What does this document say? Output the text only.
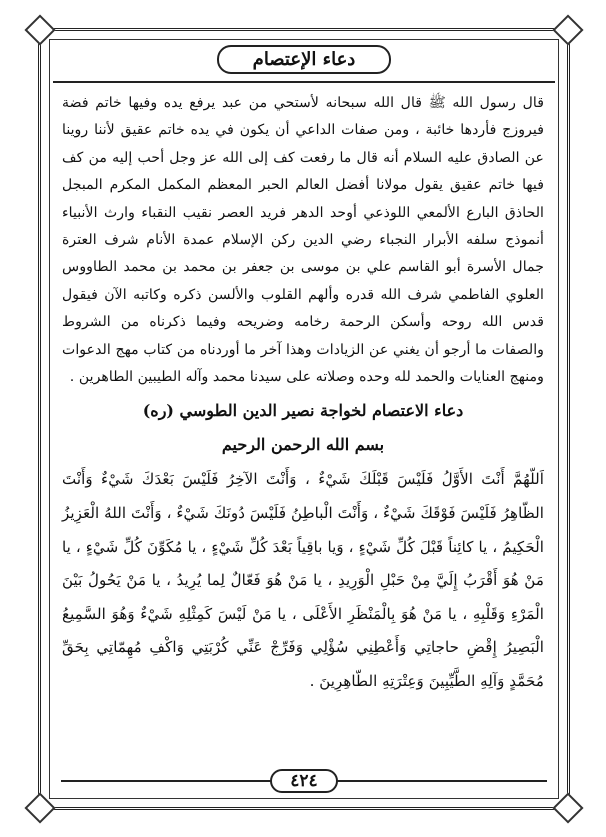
دعاء الإعتصام
٤٢٤

قال رسول الله ﷺ قال الله سبحانه لأستحي من عبد يرفع يده وفيها خاتم فضة فيروزج فأردها خائبة ، ومن صفات الداعي أن يكون في يده خاتم عقيق لأننا روينا عن الصادق عليه السلام أنه قال ما رفعت كف إلى الله عز وجل أحب إليه من كف فيها خاتم عقيق يقول مولانا أفضل العالم الحبر المعظم المكمل المكرم المبجل الحاذق البارع الألمعي اللوذعي أوحد الدهر فريد العصر نقيب النقباء وارث الأنبياء أنموذج سلفه الأبرار النجباء رضي الدين ركن الإسلام عمدة الأنام شرف العترة جمال الأسرة أبو القاسم علي بن موسى بن جعفر بن محمد بن محمد الطاووس العلوي الفاطمي شرف الله قدره وألهم القلوب والألسن ذكره وكاتبه الآن فيقول قدس الله روحه وأسكن الرحمة رخامه وضريحه وفيما ذكرناه من الشروط والصفات ما أرجو أن يغني عن الزيادات وهذا آخر ما أوردناه من كتاب مهج الدعوات ومنهج العنايات والحمد لله وحده وصلاته على سيدنا محمد وآله الطيبين الطاهرين .

دعاء الاعتصام لخواجة نصير الدين الطوسي (ره)
بسم الله الرحمن الرحيم

اَللّهُمَّ أَنْتَ الأَوَّلُ فَلَيْسَ قَبْلَكَ شَيْءٌ ، وَأَنْتَ الآخِرُ فَلَيْسَ بَعْدَكَ شَيْءٌ وَأَنْتَ الظّاهِرُ فَلَيْسَ فَوْقَكَ شَيْءٌ ، وَأَنْتَ الْباطِنُ فَلَيْسَ دُونَكَ شَيْءٌ ، وَأَنْتَ اللهُ الْعَزِيزُ الْحَكِيمُ ، يا كائِناً قَبْلَ كُلِّ شَيْءٍ ، وَيا باقِياً بَعْدَ كُلِّ شَيْءٍ ، يا مُكَوِّنَ كُلِّ شَيْءٍ ، يا مَنْ هُوَ أَقْرَبُ إِلَيَّ مِنْ حَبْلِ الْوَرِيدِ ، يا مَنْ هُوَ فَعّالٌ لِما يُرِيدُ ، يا مَنْ يَحُولُ بَيْنَ الْمَرْءِ وَقَلْبِهِ ، يا مَنْ هُوَ بِالْمَنْظَرِ الأَعْلَى ، يا مَنْ لَيْسَ كَمِثْلِهِ شَيْءٌ وَهُوَ السَّمِيعُ الْبَصِيرُ إِقْضِ حاجاتِي وَأَعْطِنِي سُؤْلِي وَفَرِّجْ عَنِّي كُرْبَتِي وَاكْفِ مُهِمّاتِي بِحَقِّ مُحَمَّدٍ وَآلِهِ الطَّيِّبِينَ وَعِتْرَتِهِ الطّاهِرِينَ .
